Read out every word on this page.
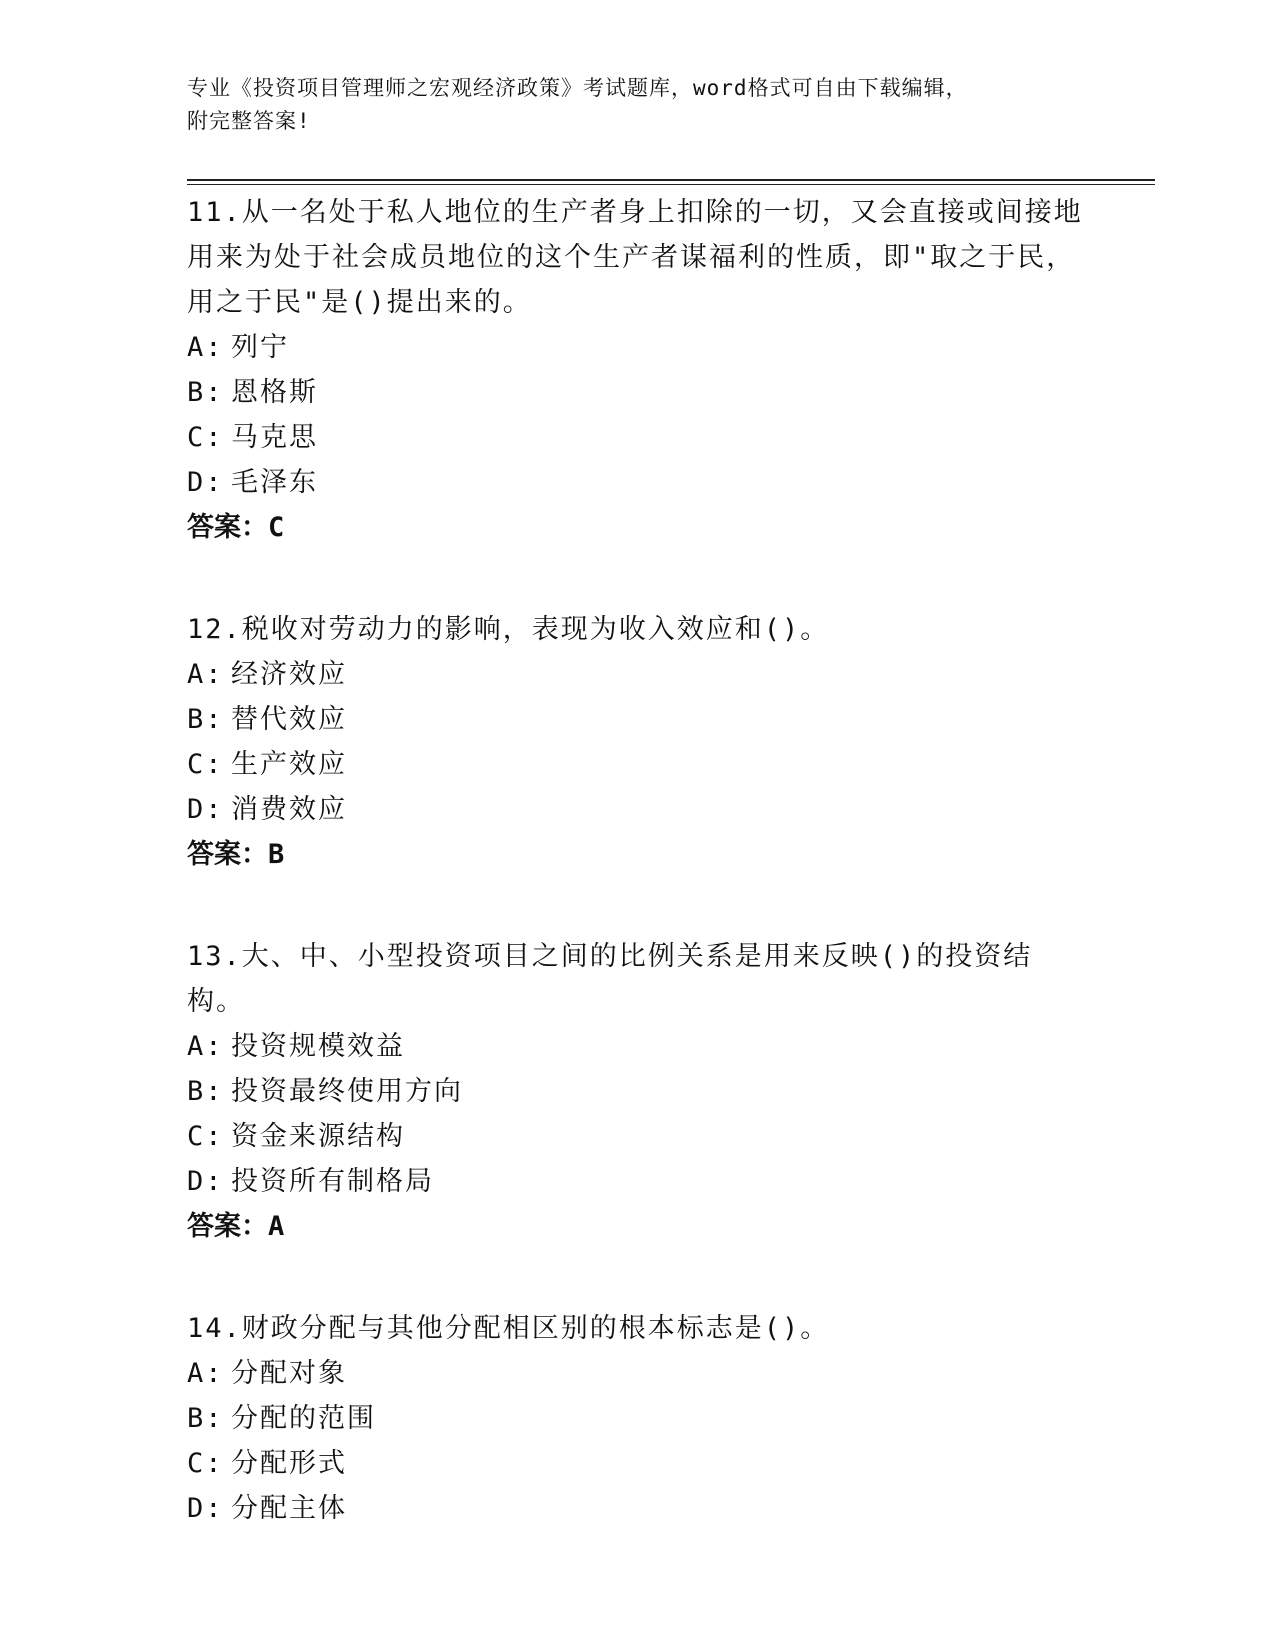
专业《投资项目管理师之宏观经济政策》考试题库，word格式可自由下载编辑，

附完整答案!

11.从一名处于私人地位的生产者身上扣除的一切，又会直接或间接地

用来为处于社会成员地位的这个生产者谋福利的性质，即"取之于民，

用之于民"是()提出来的。

A: 列宁

B: 恩格斯

C: 马克思

D: 毛泽东

答案：C

12.税收对劳动力的影响，表现为收入效应和()。

A: 经济效应

B: 替代效应

C: 生产效应

D: 消费效应

答案：B

13.大、中、小型投资项目之间的比例关系是用来反映()的投资结构。

A: 投资规模效益

B: 投资最终使用方向

C: 资金来源结构

D: 投资所有制格局

答案：A

14.财政分配与其他分配相区别的根本标志是()。

A: 分配对象

B: 分配的范围

C: 分配形式

D: 分配主体
